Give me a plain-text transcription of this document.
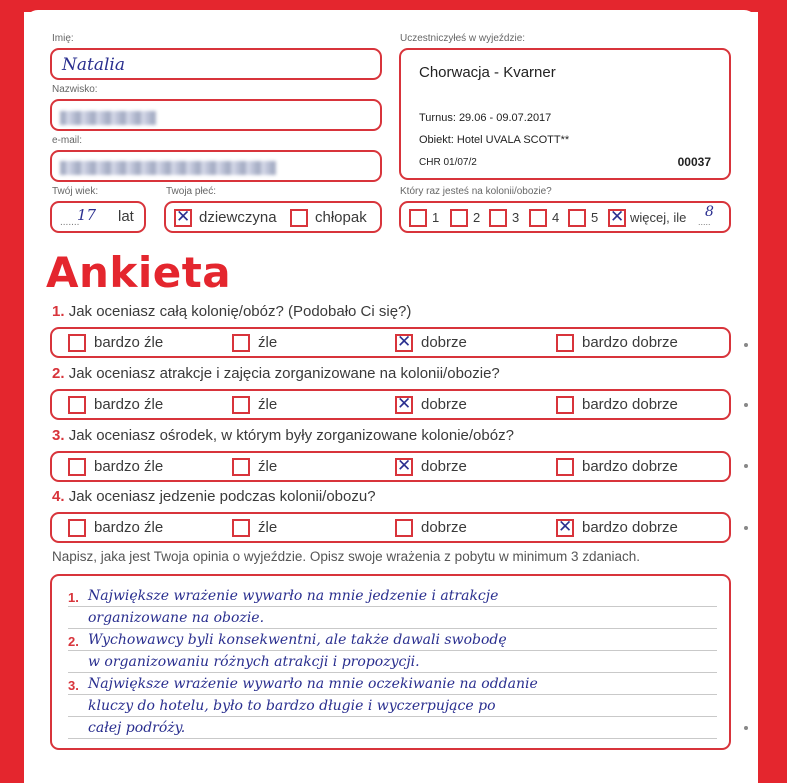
Imię:
Natalia
Nazwisko:
e-mail:
Twój wiek:
.......
17 lat
Twoja płeć:
✕ dziewczyna	chłopak
Uczestniczyłeś w wyjeździe:
Chorwacja - Kvarner
Turnus: 29.06 - 09.07.2017
Obiekt: Hotel UVALA SCOTT**
CHR 01/07/2	00037
Który raz jesteś na kolonii/obozie?
1	2 3	4 5 ✕ więcej, ile .....
8
Ankieta
1. Jak oceniasz całą kolonię/obóz? (Podobało Ci się?)
bardzo źle	źle	✕ dobrze	bardzo dobrze
2. Jak oceniasz atrakcje i zajęcia zorganizowane na kolonii/obozie?
bardzo źle	źle	✕ dobrze	bardzo dobrze
3. Jak oceniasz ośrodek, w którym były zorganizowane kolonie/obóz?
bardzo źle	źle	✕ dobrze	bardzo dobrze
4. Jak oceniasz jedzenie podczas kolonii/obozu?
bardzo źle	źle	dobrze	✕ bardzo dobrze
Napisz, jaka jest Twoja opinia o wyjeździe. Opisz swoje wrażenia z pobytu w minimum 3 zdaniach.
1. Największe wrażenie wywarło na mnie jedzenie i atrakcje
organizowane na obozie.
2. Wychowawcy byli konsekwentni, ale także dawali swobodę
w organizowaniu różnych atrakcji i propozycji.
3. Największe wrażenie wywarło na mnie oczekiwanie na oddanie
kluczy do hotelu, było to bardzo długie i wyczerpujące po
całej podróży.
